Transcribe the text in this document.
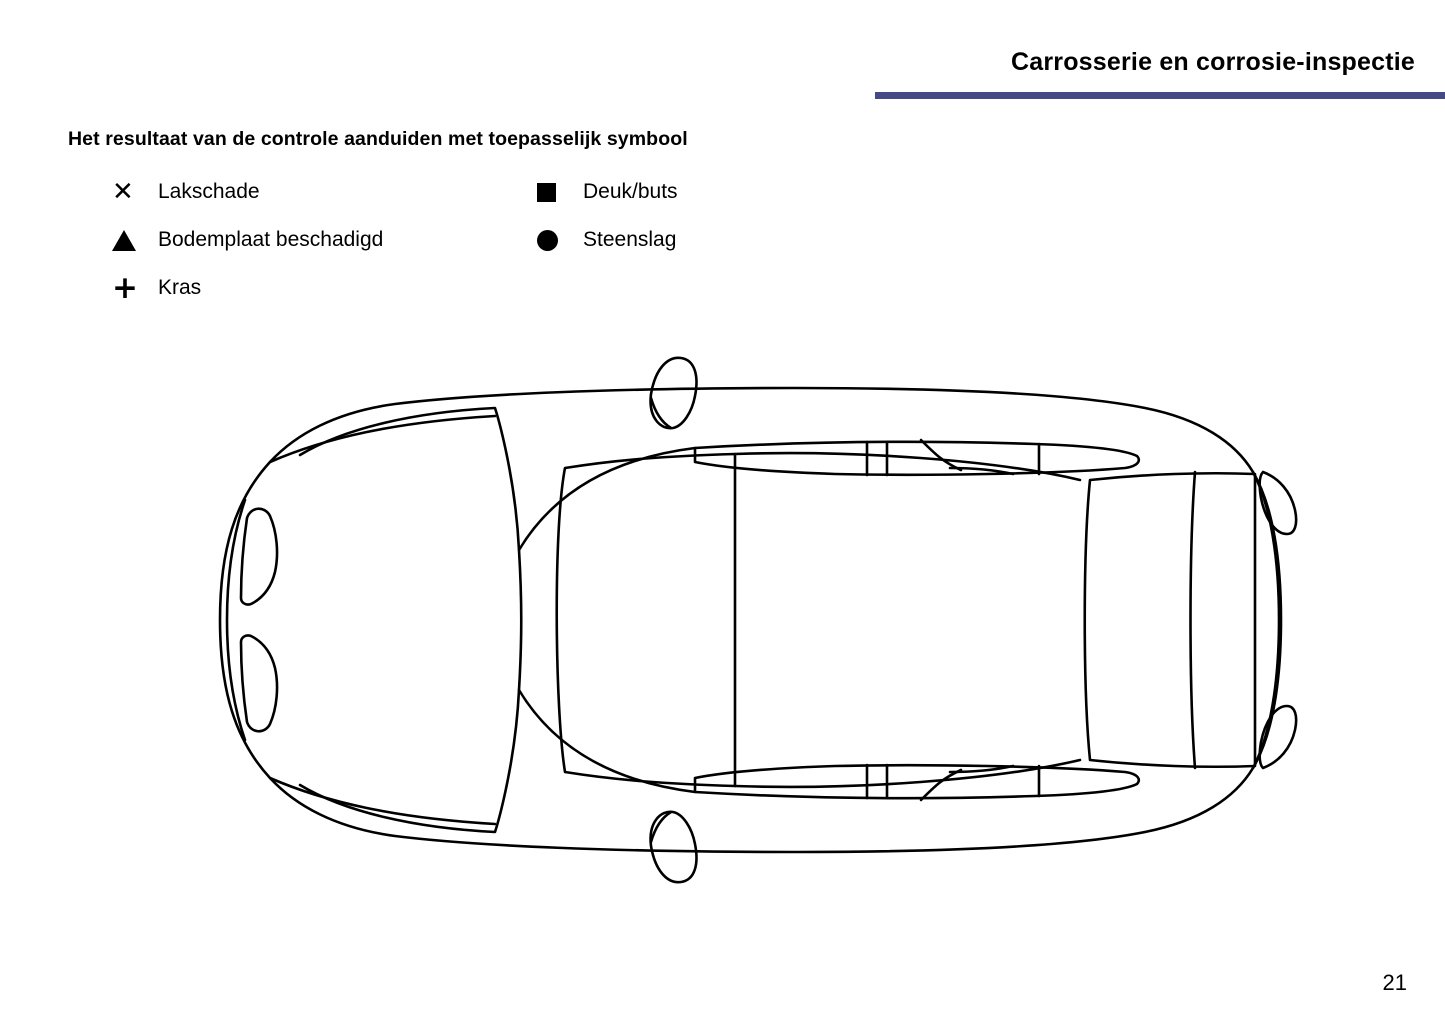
Carrosserie en corrosie-inspectie
Het resultaat van de controle aanduiden met toepasselijk symbool
✕ Lakschade	Deuk/buts
Bodemplaat beschadigd	Steenslag
+ Kras
21
